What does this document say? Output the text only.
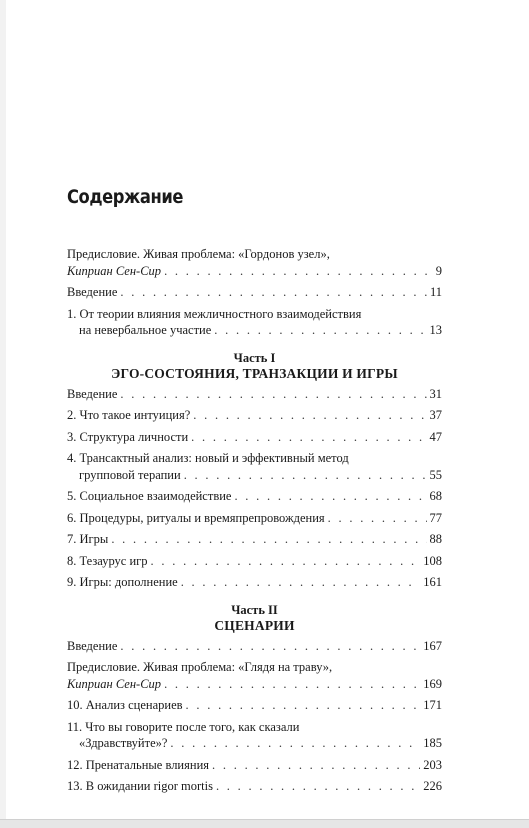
Содержание
Предисловие. Живая проблема: «Гордонов узел»,
Киприан Сен-Сир . . .	9
Введение . . .	11
1. От теории влияния межличностного взаимодействия
на невербальное участие . . .	13
Часть I
ЭГО-СОСТОЯНИЯ, ТРАНЗАКЦИИ И ИГРЫ
Введение . . .	31
2. Что такое интуиция? . . .	37
3. Структура личности . . .	47
4. Трансактный анализ: новый и эффективный метод
групповой терапии . . .	55
5. Социальное взаимодействие . . .	68
6. Процедуры, ритуалы и времяпрепровождения . . .	77
7. Игры . . .	88
8. Тезаурус игр . . .	108
9. Игры: дополнение . . .	161
Часть II
СЦЕНАРИИ
Введение . . .	167
Предисловие. Живая проблема: «Глядя на траву»,
Киприан Сен-Сир . . .	169
10. Анализ сценариев . . .	171
11. Что вы говорите после того, как сказали
«Здравствуйте»? . . .	185
12. Пренатальные влияния . . .	203
13. В ожидании rigor mortis . . .	226
